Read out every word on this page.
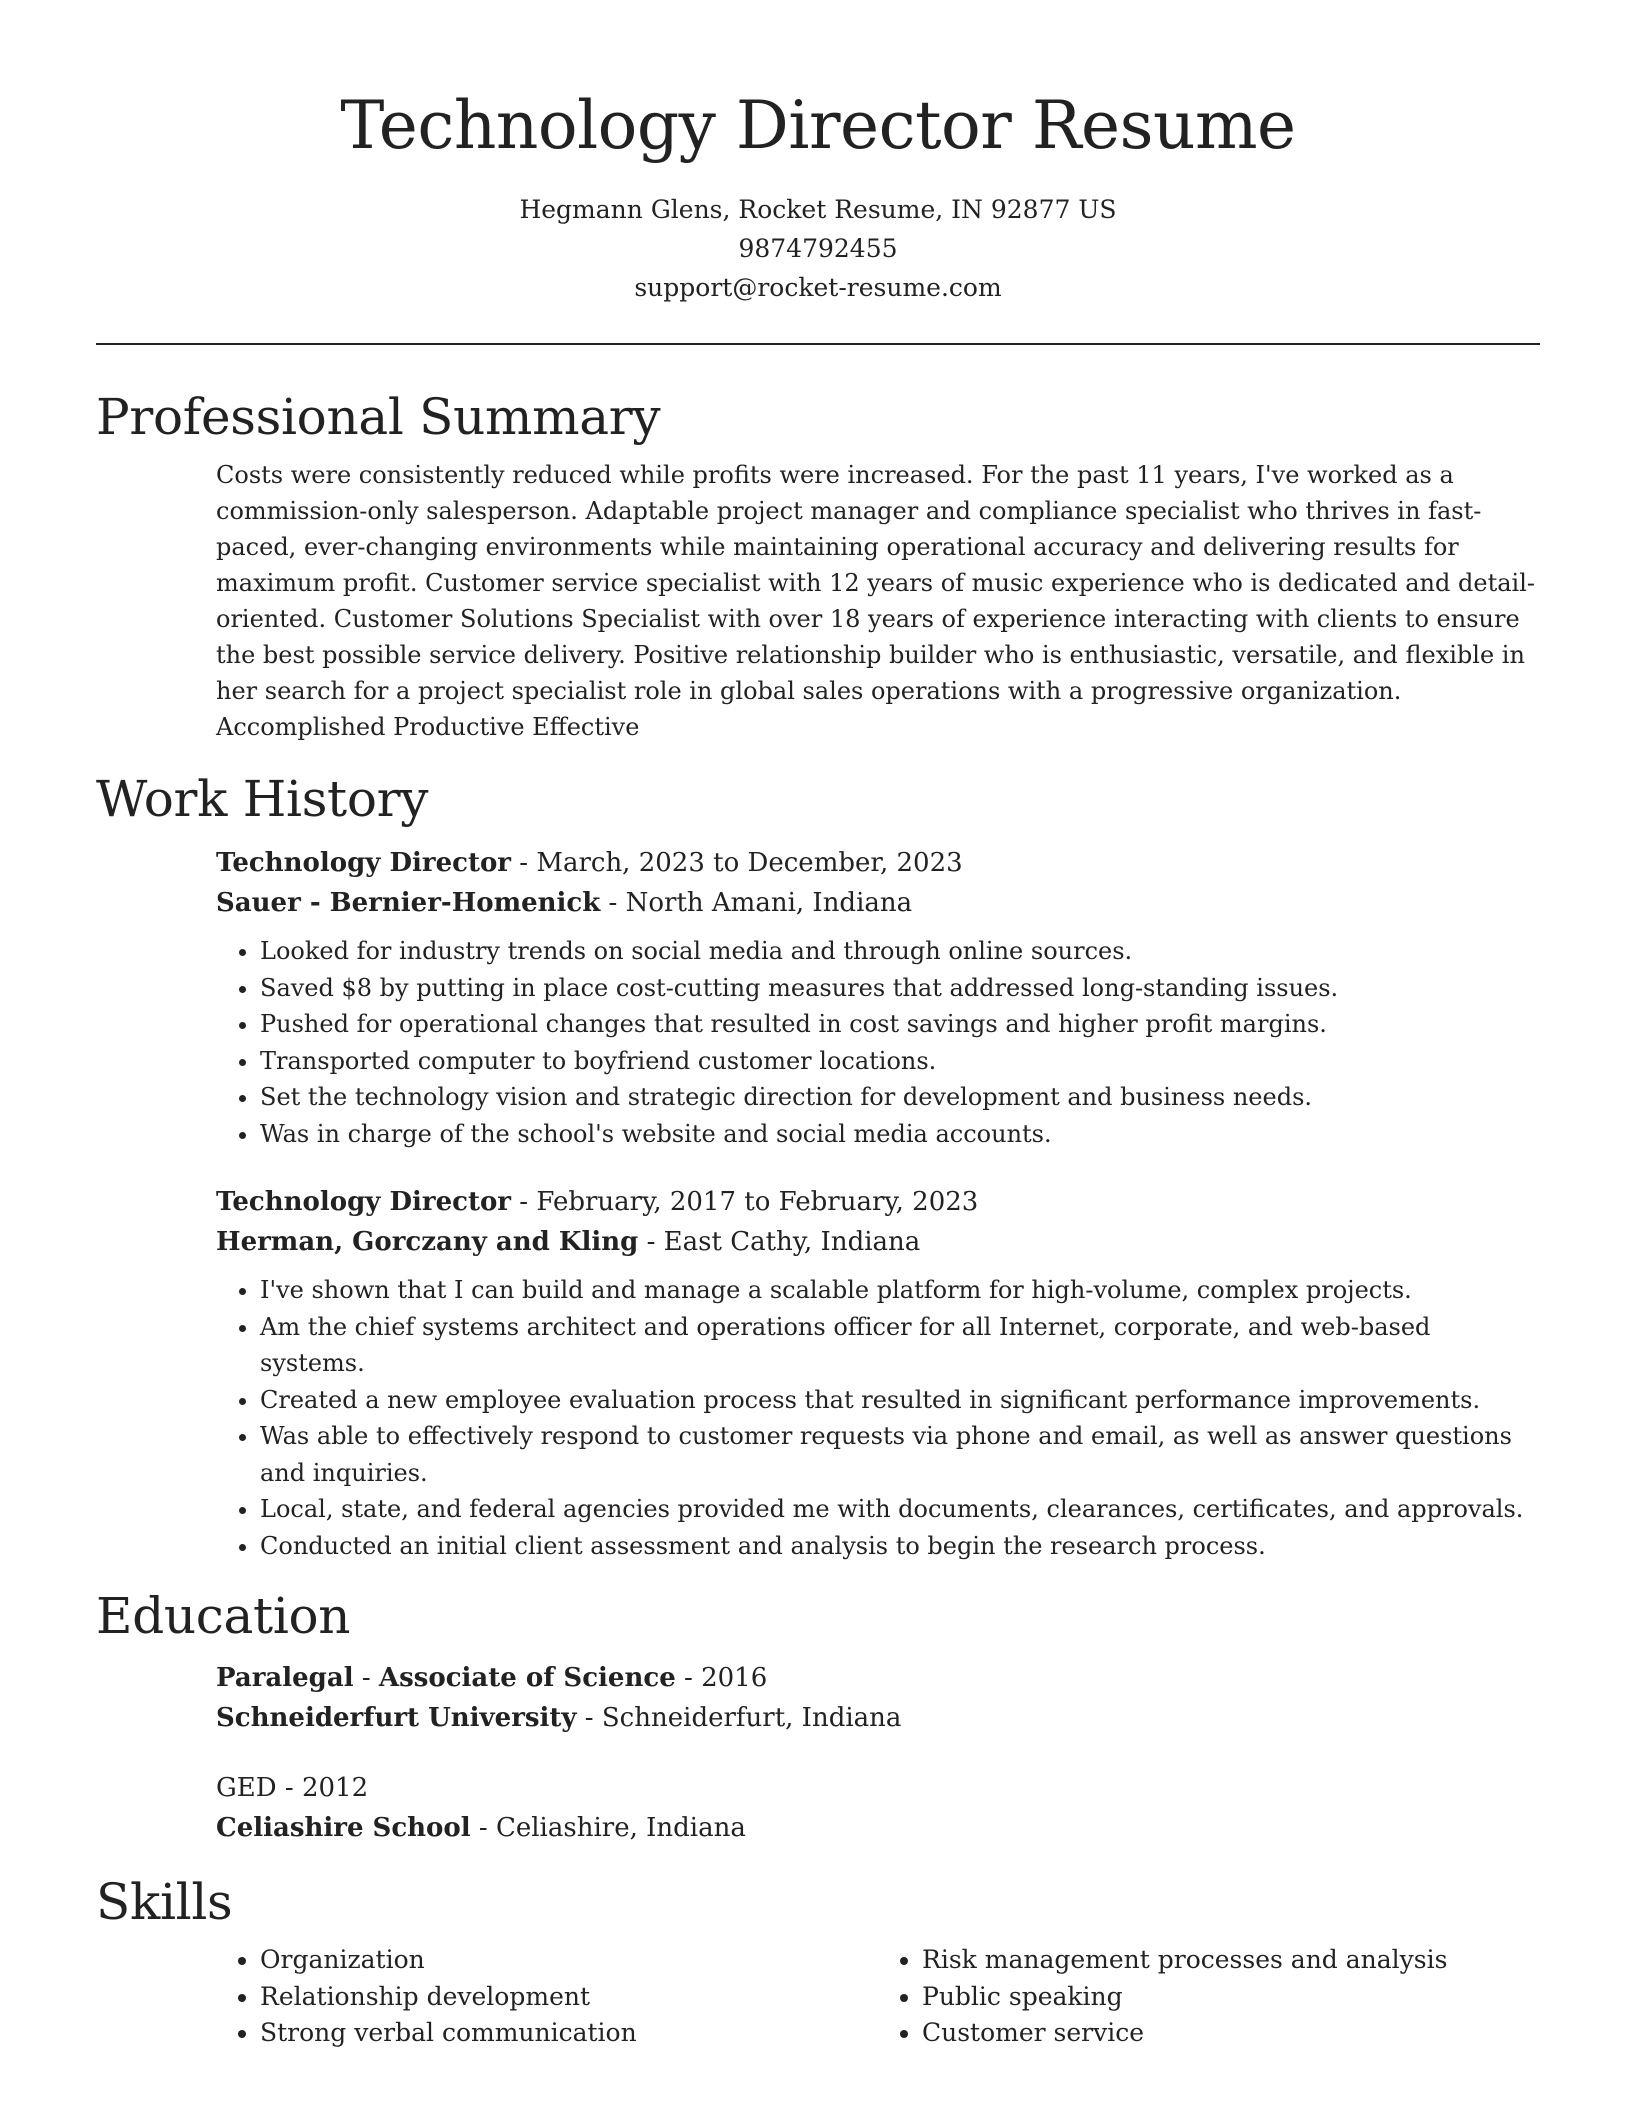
Technology Director Resume

Hegmann Glens, Rocket Resume, IN 92877 US

9874792455

support@rocket-resume.com

Professional Summary

Costs were consistently reduced while profits were increased. For the past 11 years, I've worked as a commission-only salesperson. Adaptable project manager and compliance specialist who thrives in fast-paced, ever-changing environments while maintaining operational accuracy and delivering results for maximum profit. Customer service specialist with 12 years of music experience who is dedicated and detail-oriented. Customer Solutions Specialist with over 18 years of experience interacting with clients to ensure the best possible service delivery. Positive relationship builder who is enthusiastic, versatile, and flexible in her search for a project specialist role in global sales operations with a progressive organization. Accomplished Productive Effective

Work History

Technology Director - March, 2023 to December, 2023

Sauer - Bernier-Homenick - North Amani, Indiana

• Looked for industry trends on social media and through online sources.
• Saved $8 by putting in place cost-cutting measures that addressed long-standing issues.
• Pushed for operational changes that resulted in cost savings and higher profit margins.
• Transported computer to boyfriend customer locations.
• Set the technology vision and strategic direction for development and business needs.
• Was in charge of the school's website and social media accounts.

Technology Director - February, 2017 to February, 2023

Herman, Gorczany and Kling - East Cathy, Indiana

• I've shown that I can build and manage a scalable platform for high-volume, complex projects.
• Am the chief systems architect and operations officer for all Internet, corporate, and web-based systems.
• Created a new employee evaluation process that resulted in significant performance improvements.
• Was able to effectively respond to customer requests via phone and email, as well as answer questions and inquiries.
• Local, state, and federal agencies provided me with documents, clearances, certificates, and approvals.
• Conducted an initial client assessment and analysis to begin the research process.
Education

Paralegal - Associate of Science - 2016

Schneiderfurt University - Schneiderfurt, Indiana

GED - 2012

Celiashire School - Celiashire, Indiana

Skills
• Organization
• Relationship development
• Strong verbal communication
• Risk management processes and analysis
• Public speaking
• Customer service
